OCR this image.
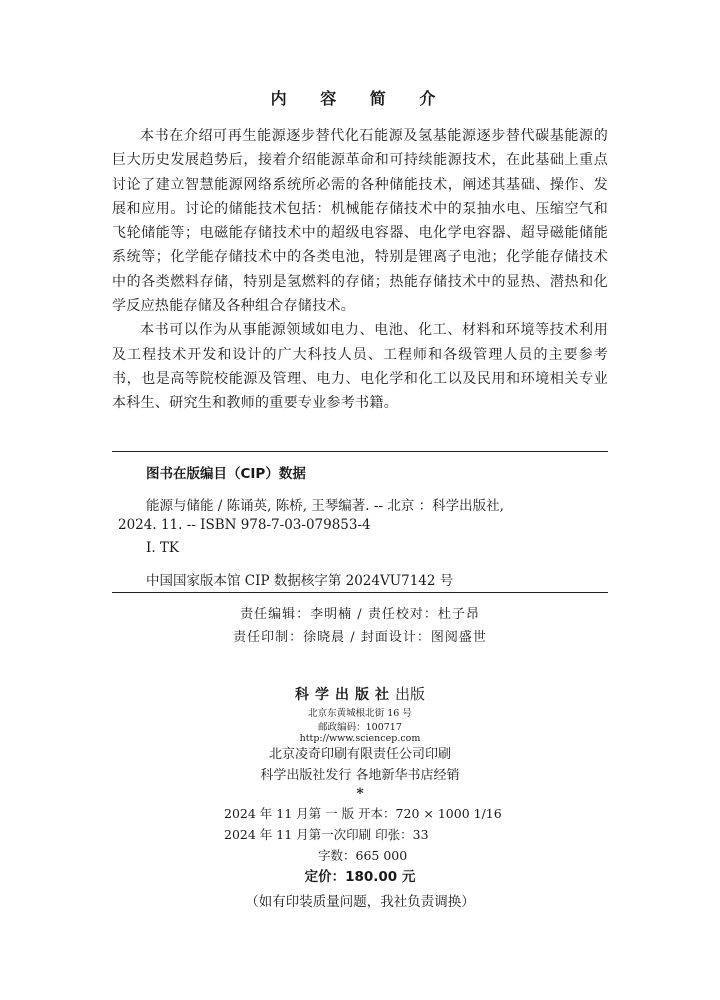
内 容 简 介

本书在介绍可再生能源逐步替代化石能源及氢基能源逐步替代碳基能源的巨大历史发展趋势后，接着介绍能源革命和可持续能源技术，在此基础上重点讨论了建立智慧能源网络系统所必需的各种储能技术，阐述其基础、操作、发展和应用。讨论的储能技术包括：机械能存储技术中的泵抽水电、压缩空气和飞轮储能等；电磁能存储技术中的超级电容器、电化学电容器、超导磁能储能系统等；化学能存储技术中的各类电池，特别是锂离子电池；化学能存储技术中的各类燃料存储，特别是氢燃料的存储；热能存储技术中的显热、潜热和化学反应热能存储及各种组合存储技术。

本书可以作为从事能源领域如电力、电池、化工、材料和环境等技术利用及工程技术开发和设计的广大科技人员、工程师和各级管理人员的主要参考书，也是高等院校能源及管理、电力、电化学和化工以及民用和环境相关专业本科生、研究生和教师的重要专业参考书籍。

图书在版编目（CIP）数据
能源与储能 / 陈诵英, 陈桥, 王琴编著. -- 北京 ：科学出版社,
2024. 11. -- ISBN 978-7-03-079853-4
Ⅰ. TK
中国国家版本馆 CIP 数据核字第 2024VU7142 号
责任编辑：李明楠 / 责任校对：杜子昂
责任印制：徐晓晨 / 封面设计：图阅盛世
科学出版社出版
北京东黄城根北街 16 号
邮政编码：100717
http://www.sciencep.com
北京凌奇印刷有限责任公司印刷
科学出版社发行 各地新华书店经销
*
2024 年 11 月第 一 版 开本：720 × 1000 1/16
2024 年 11 月第一次印刷 印张：33
字数：665 000
定价：180.00 元
（如有印装质量问题，我社负责调换）
